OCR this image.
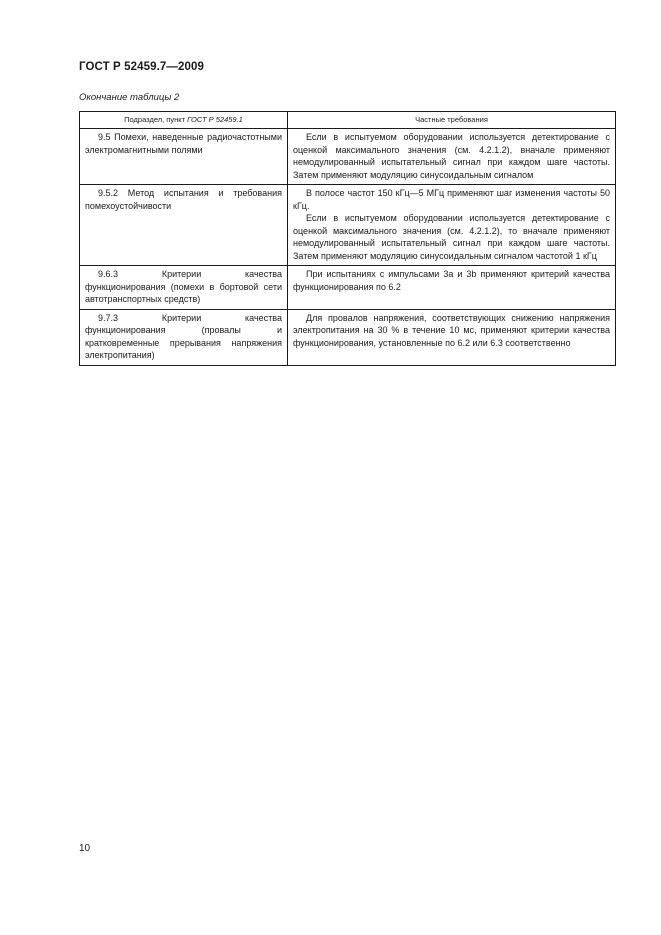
ГОСТ Р 52459.7—2009
Окончание таблицы 2
Подраздел, пункт ГОСТ Р 52459.1	Частные требования

9.5 Помехи, наведенные радиочастотными электромагнитными полями	Если в испытуемом оборудовании используется детектирование с оценкой максимального значения (см. 4.2.1.2), вначале применяют немодулированный испытательный сигнал при каждом шаге частоты. Затем применяют модуляцию синусоидальным сигналом

9.5.2 Метод испытания и требования помехоустойчивости	В полосе частот 150 кГц—5 МГц применяют шаг изменения частоты 50 кГц.

Если в испытуемом оборудовании используется детектирование с оценкой максимального значения (см. 4.2.1.2), то вначале применяют немодулированный испытательный сигнал при каждом шаге частоты. Затем применяют модуляцию синусоидальным сигналом частотой 1 кГц

9.6.3 Критерии качества функционирования (помехи в бортовой сети автотранспортных средств)	При испытаниях с импульсами 3а и 3b применяют критерий качества функционирования по 6.2

9.7.3 Критерии качества функционирования (провалы и кратковременные прерывания напряжения электропитания)	Для провалов напряжения, соответствующих снижению напряжения электропитания на 30 % в течение 10 мс, применяют критерии качества функционирования, установленные по 6.2 или 6.3 соответственно

10
